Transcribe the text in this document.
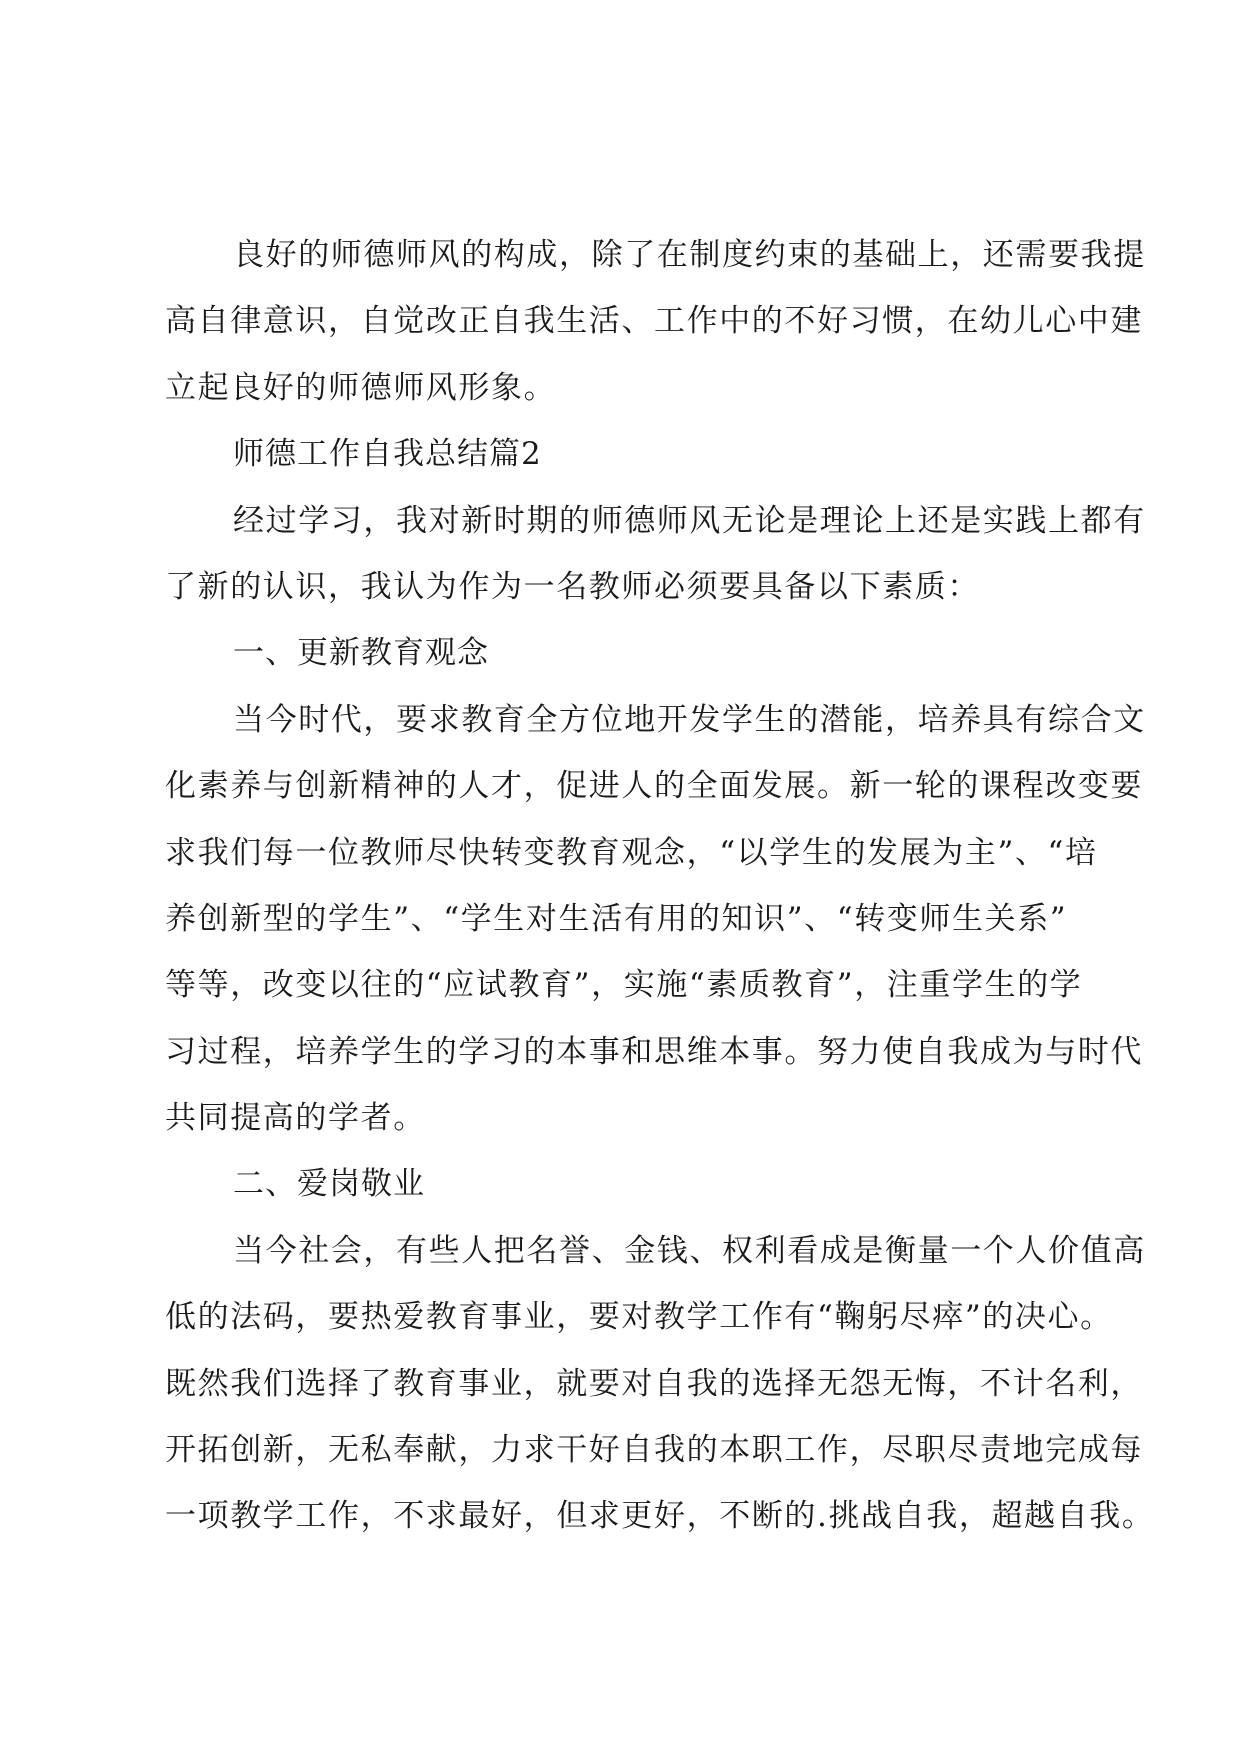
良好的师德师风的构成，除了在制度约束的基础上，还需要我提
高自律意识，自觉改正自我生活、工作中的不好习惯，在幼儿心中建
立起良好的师德师风形象。
师德工作自我总结篇2
经过学习，我对新时期的师德师风无论是理论上还是实践上都有
了新的认识，我认为作为一名教师必须要具备以下素质：
一、更新教育观念
当今时代，要求教育全方位地开发学生的潜能，培养具有综合文
化素养与创新精神的人才，促进人的全面发展。新一轮的课程改变要
求我们每一位教师尽快转变教育观念，“以学生的发展为主”、“培
养创新型的学生”、“学生对生活有用的知识”、“转变师生关系”
等等，改变以往的“应试教育”，实施“素质教育”，注重学生的学
习过程，培养学生的学习的本事和思维本事。努力使自我成为与时代
共同提高的学者。
二、爱岗敬业
当今社会，有些人把名誉、金钱、权利看成是衡量一个人价值高
低的法码，要热爱教育事业，要对教学工作有“鞠躬尽瘁”的决心。
既然我们选择了教育事业，就要对自我的选择无怨无悔，不计名利，
开拓创新，无私奉献，力求干好自我的本职工作，尽职尽责地完成每
一项教学工作，不求最好，但求更好，不断的.挑战自我，超越自我。
